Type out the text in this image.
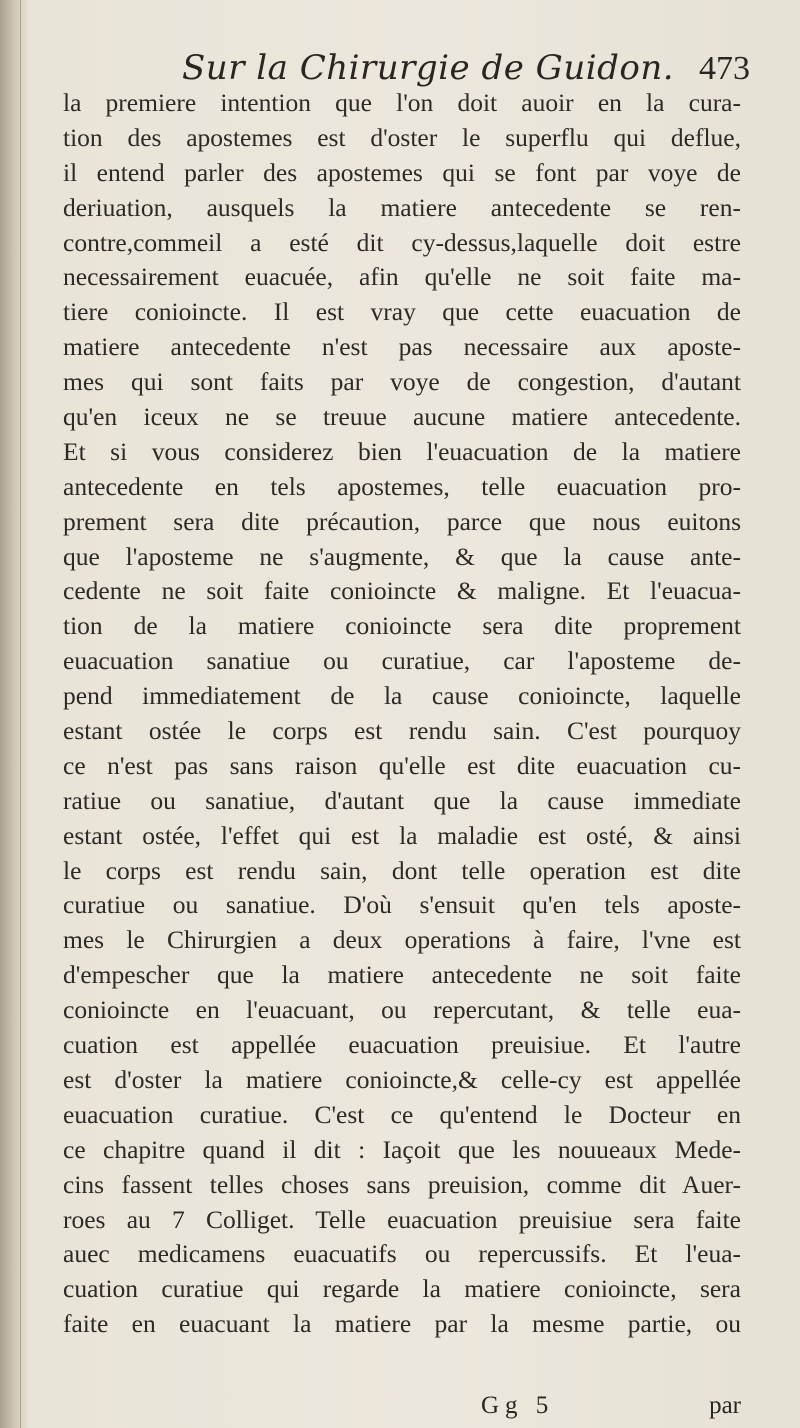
Sur la Chirurgie de Guidon. 473
la premiere intention que l'on doit auoir en la cura-
tion des apostemes est d'oster le superflu qui deflue,
il entend parler des apostemes qui se font par voye de
deriuation, ausquels la matiere antecedente se ren-
contre,commeil a esté dit cy-dessus,laquelle doit estre
necessairement euacuée, afin qu'elle ne soit faite ma-
tiere conioincte. Il est vray que cette euacuation de
matiere antecedente n'est pas necessaire aux aposte-
mes qui sont faits par voye de congestion, d'autant
qu'en iceux ne se treuue aucune matiere antecedente.
Et si vous considerez bien l'euacuation de la matiere
antecedente en tels apostemes, telle euacuation pro-
prement sera dite précaution, parce que nous euitons
que l'aposteme ne s'augmente, & que la cause ante-
cedente ne soit faite conioincte & maligne. Et l'euacua-
tion de la matiere conioincte sera dite proprement
euacuation sanatiue ou curatiue, car l'aposteme de-
pend immediatement de la cause conioincte, laquelle
estant ostée le corps est rendu sain. C'est pourquoy
ce n'est pas sans raison qu'elle est dite euacuation cu-
ratiue ou sanatiue, d'autant que la cause immediate
estant ostée, l'effet qui est la maladie est osté, & ainsi
le corps est rendu sain, dont telle operation est dite
curatiue ou sanatiue. D'où s'ensuit qu'en tels aposte-
mes le Chirurgien a deux operations à faire, l'vne est
d'empescher que la matiere antecedente ne soit faite
conioincte en l'euacuant, ou repercutant, & telle eua-
cuation est appellée euacuation preuisiue. Et l'autre
est d'oster la matiere conioincte,& celle-cy est appellée
euacuation curatiue. C'est ce qu'entend le Docteur en
ce chapitre quand il dit : Iaçoit que les nouueaux Mede-
cins fassent telles choses sans preuision, comme dit Auer-
roes au 7 Colliget. Telle euacuation preuisiue sera faite
auec medicamens euacuatifs ou repercussifs. Et l'eua-
cuation curatiue qui regarde la matiere conioincte, sera
faite en euacuant la matiere par la mesme partie, ou
Gg 5	par
